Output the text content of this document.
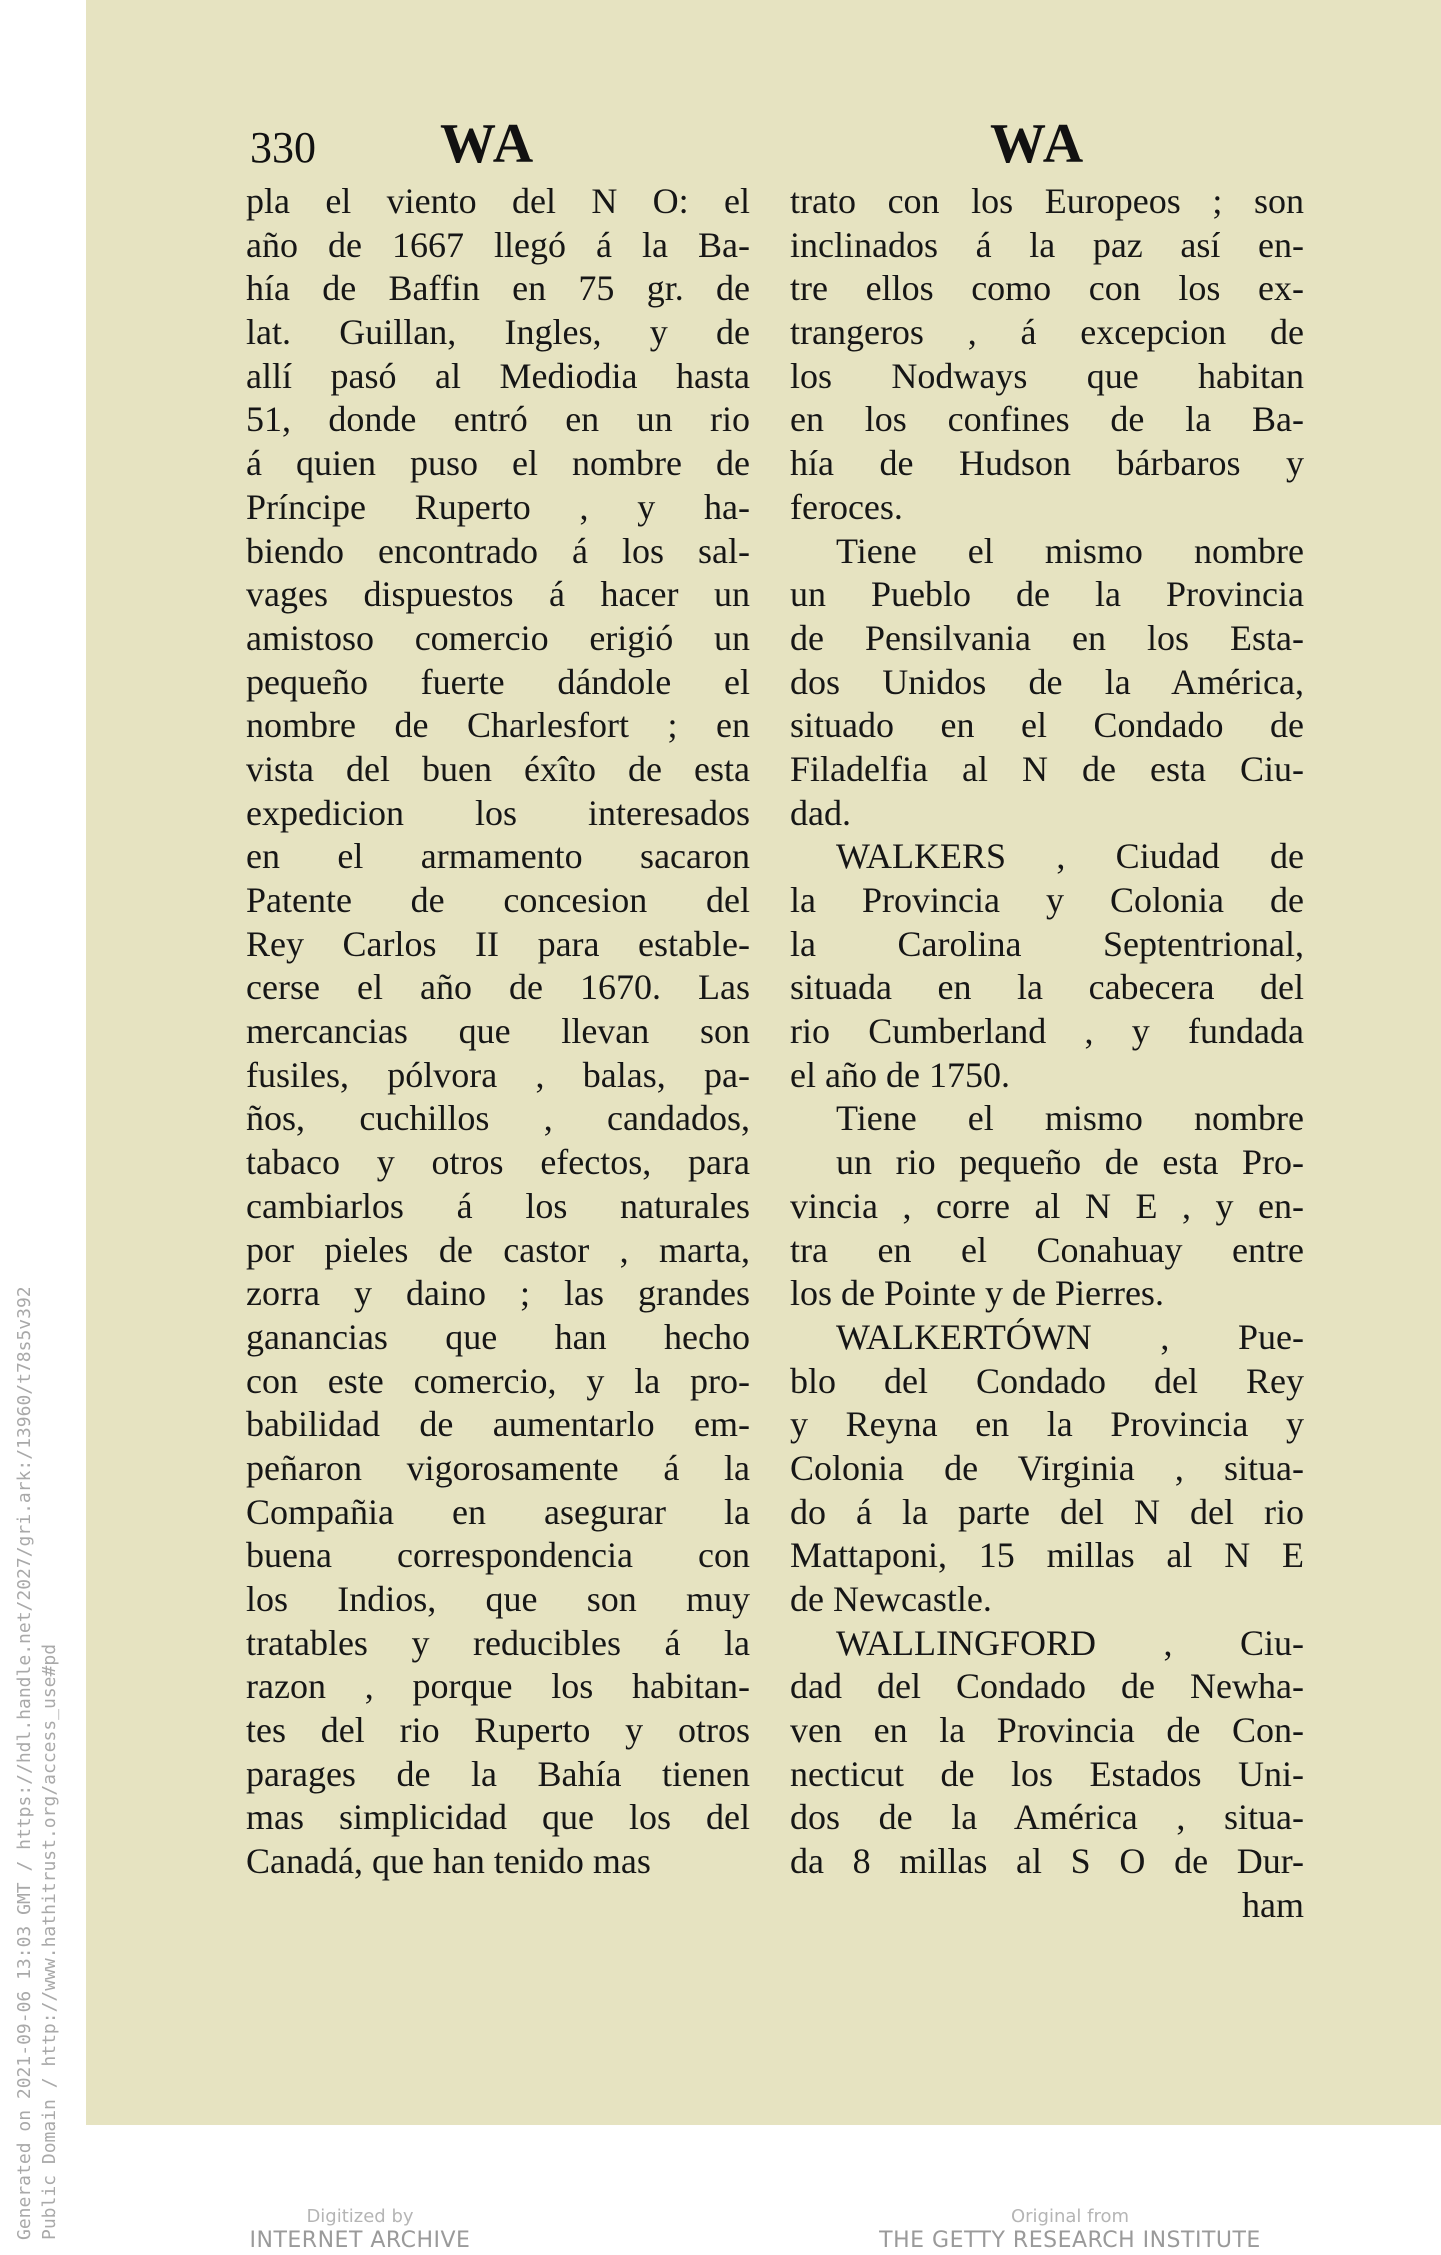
Generated on 2021-09-06 13:03 GMT / https://hdl.handle.net/2027/gri.ark:/13960/t78s5v392 Public Domain / http://www.hathitrust.org/access_use#pd
330 WA	WA
pla el viento del N O: el
año de 1667 llegó á la Ba-
hía de Baffin en 75 gr. de
lat. Guillan, Ingles, y de
allí pasó al Mediodia hasta
51, donde entró en un rio
á quien puso el nombre de
Príncipe Ruperto , y ha-
biendo encontrado á los sal-
vages dispuestos á hacer un
amistoso comercio erigió un
pequeño fuerte dándole el
nombre de Charlesfort ; en
vista del buen éxîto de esta
expedicion los interesados
en el armamento sacaron
Patente de concesion del
Rey Carlos II para estable-
cerse el año de 1670. Las
mercancias que llevan son
fusiles, pólvora , balas, pa-
ños, cuchillos , candados,
tabaco y otros efectos, para
cambiarlos á los naturales
por pieles de castor , marta,
zorra y daino ; las grandes
ganancias que han hecho
con este comercio, y la pro-
babilidad de aumentarlo em-
peñaron vigorosamente á la
Compañia en asegurar la
buena correspondencia con
los Indios, que son muy
tratables y reducibles á la
razon , porque los habitan-
tes del rio Ruperto y otros
parages de la Bahía tienen
mas simplicidad que los del
Canadá, que han tenido mas
trato con los Europeos ; son
inclinados á la paz así en-
tre ellos como con los ex-
trangeros , á excepcion de
los Nodways que habitan
en los confines de la Ba-
hía de Hudson bárbaros y
feroces.
Tiene el mismo nombre
un Pueblo de la Provincia
de Pensilvania en los Esta-
dos Unidos de la América,
situado en el Condado de
Filadelfia al N de esta Ciu-
dad.
WALKERS , Ciudad de
la Provincia y Colonia de
la Carolina Septentrional,
situada en la cabecera del
rio Cumberland , y fundada
el año de 1750.
Tiene el mismo nombre
un rio pequeño de esta Pro-
vincia , corre al N E , y en-
tra en el Conahuay entre
los de Pointe y de Pierres.
WALKERTÓWN , Pue-
blo del Condado del Rey
y Reyna en la Provincia y
Colonia de Virginia , situa-
do á la parte del N del rio
Mattaponi, 15 millas al N E
de Newcastle.
WALLINGFORD , Ciu-
dad del Condado de Newha-
ven en la Provincia de Con-
necticut de los Estados Uni-
dos de la América , situa-
da 8 millas al S O de Dur-
ham
Digitized by
INTERNET ARCHIVE
Original from
THE GETTY RESEARCH INSTITUTE
